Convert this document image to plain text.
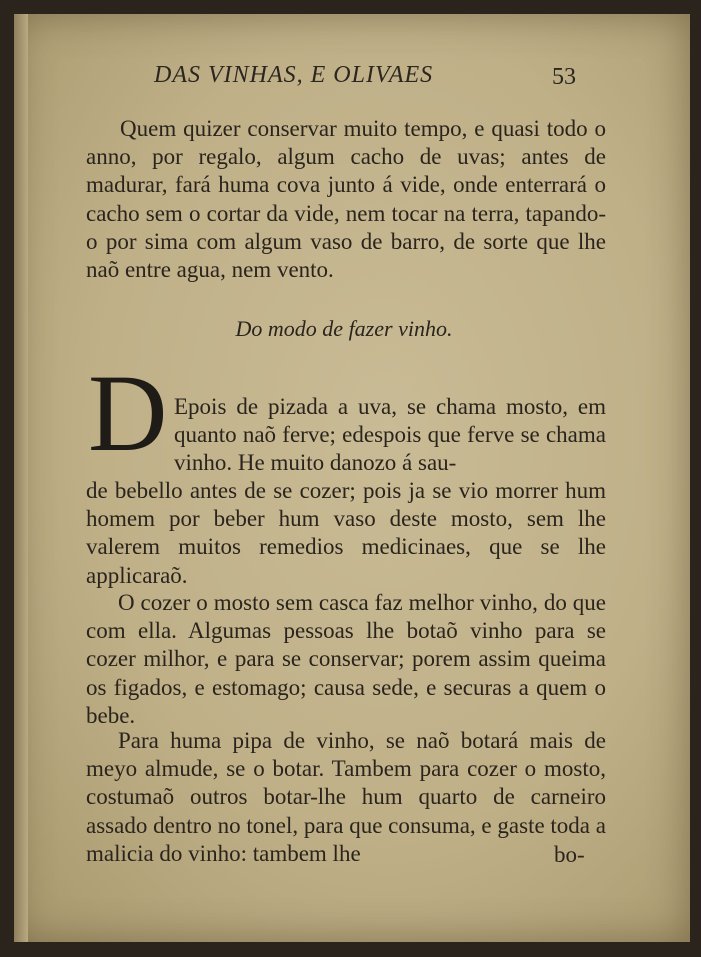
DAS VINHAS, E OLIVAES	53

Quem quizer conservar muito tempo, e quasi todo o anno, por regalo, algum cacho de uvas; antes de madurar, fará huma cova junto á vide, onde enterrará o cacho sem o cortar da vide, nem tocar na terra, tapando-o por sima com algum vaso de barro, de sorte que lhe naõ entre agua, nem vento.

Do modo de fazer vinho.
D Epois de pizada a uva, se chama mosto, em quanto naõ ferve; edespois que ferve se chama vinho. He muito danozo á sau-

de bebello antes de se cozer; pois ja se vio morrer hum homem por beber hum vaso deste mosto, sem lhe valerem muitos remedios medicinaes, que se lhe applicaraõ.

O cozer o mosto sem casca faz melhor vinho, do que com ella. Algumas pessoas lhe botaõ vinho para se cozer milhor, e para se conservar; porem assim queima os figados, e estomago; causa sede, e securas a quem o bebe.

Para huma pipa de vinho, se naõ botará mais de meyo almude, se o botar. Tambem para cozer o mosto, costumaõ outros botar-lhe hum quarto de carneiro assado dentro no tonel, para que consuma, e gaste toda a malicia do vinho: tambem lhe	bo-
